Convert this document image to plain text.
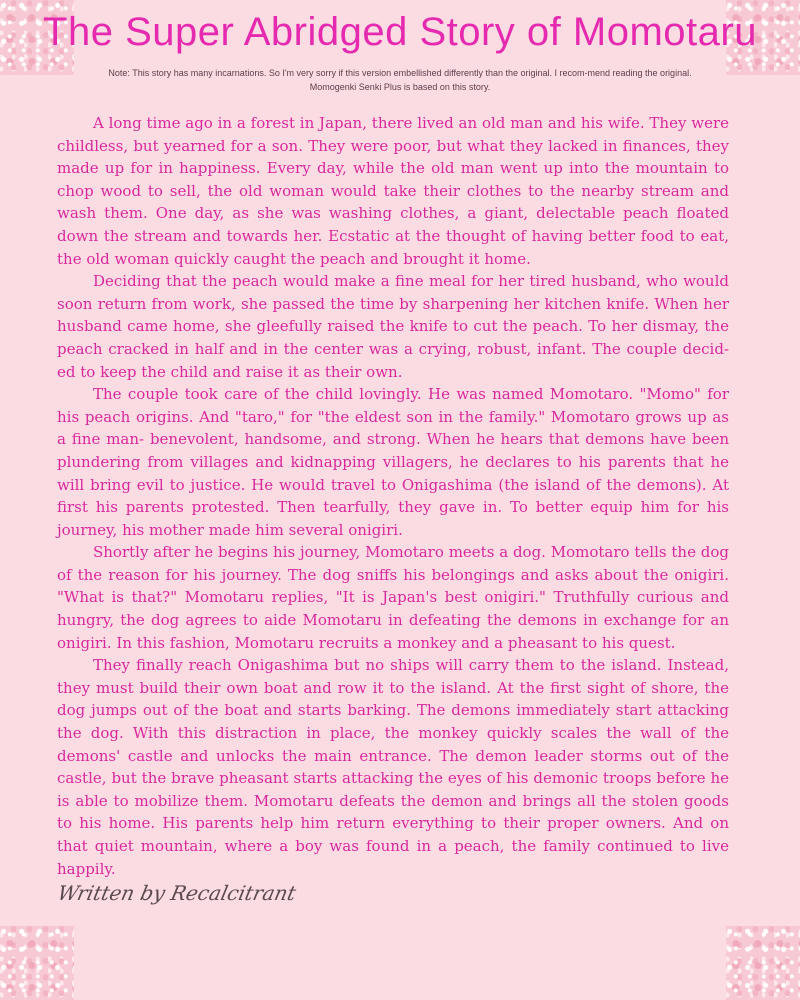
The Super Abridged Story of Momotaru
Note: This story has many incarnations. So I'm very sorry if this version embellished differently than the original. I recom-mend reading the original. Momogenki Senki Plus is based on this story.

A long time ago in a forest in Japan, there lived an old man and his wife. They were childless, but yearned for a son. They were poor, but what they lacked in finances, they made up for in happiness. Every day, while the old man went up into the mountain to chop wood to sell, the old woman would take their clothes to the nearby stream and wash them. One day, as she was washing clothes, a giant, delectable peach floated down the stream and towards her. Ecstatic at the thought of having better food to eat, the old woman quickly caught the peach and brought it home.

Deciding that the peach would make a fine meal for her tired husband, who would soon return from work, she passed the time by sharpening her kitchen knife. When her husband came home, she gleefully raised the knife to cut the peach. To her dismay, the peach cracked in half and in the center was a crying, robust, infant. The couple decid-ed to keep the child and raise it as their own.

The couple took care of the child lovingly. He was named Momotaro. "Momo" for his peach origins. And "taro," for "the eldest son in the family." Momotaro grows up as a fine man- benevolent, handsome, and strong. When he hears that demons have been plundering from villages and kidnapping villagers, he declares to his parents that he will bring evil to justice. He would travel to Onigashima (the island of the demons). At first his parents protested. Then tearfully, they gave in. To better equip him for his journey, his mother made him several onigiri.

Shortly after he begins his journey, Momotaro meets a dog. Momotaro tells the dog of the reason for his journey. The dog sniffs his belongings and asks about the onigiri. "What is that?" Momotaru replies, "It is Japan's best onigiri." Truthfully curious and hungry, the dog agrees to aide Momotaru in defeating the demons in exchange for an onigiri. In this fashion, Momotaru recruits a monkey and a pheasant to his quest.

They finally reach Onigashima but no ships will carry them to the island. Instead, they must build their own boat and row it to the island. At the first sight of shore, the dog jumps out of the boat and starts barking. The demons immediately start attacking the dog. With this distraction in place, the monkey quickly scales the wall of the demons' castle and unlocks the main entrance. The demon leader storms out of the castle, but the brave pheasant starts attacking the eyes of his demonic troops before he is able to mobilize them. Momotaru defeats the demon and brings all the stolen goods to his home. His parents help him return everything to their proper owners. And on that quiet mountain, where a boy was found in a peach, the family continued to live happily.

Written by Recalcitrant
